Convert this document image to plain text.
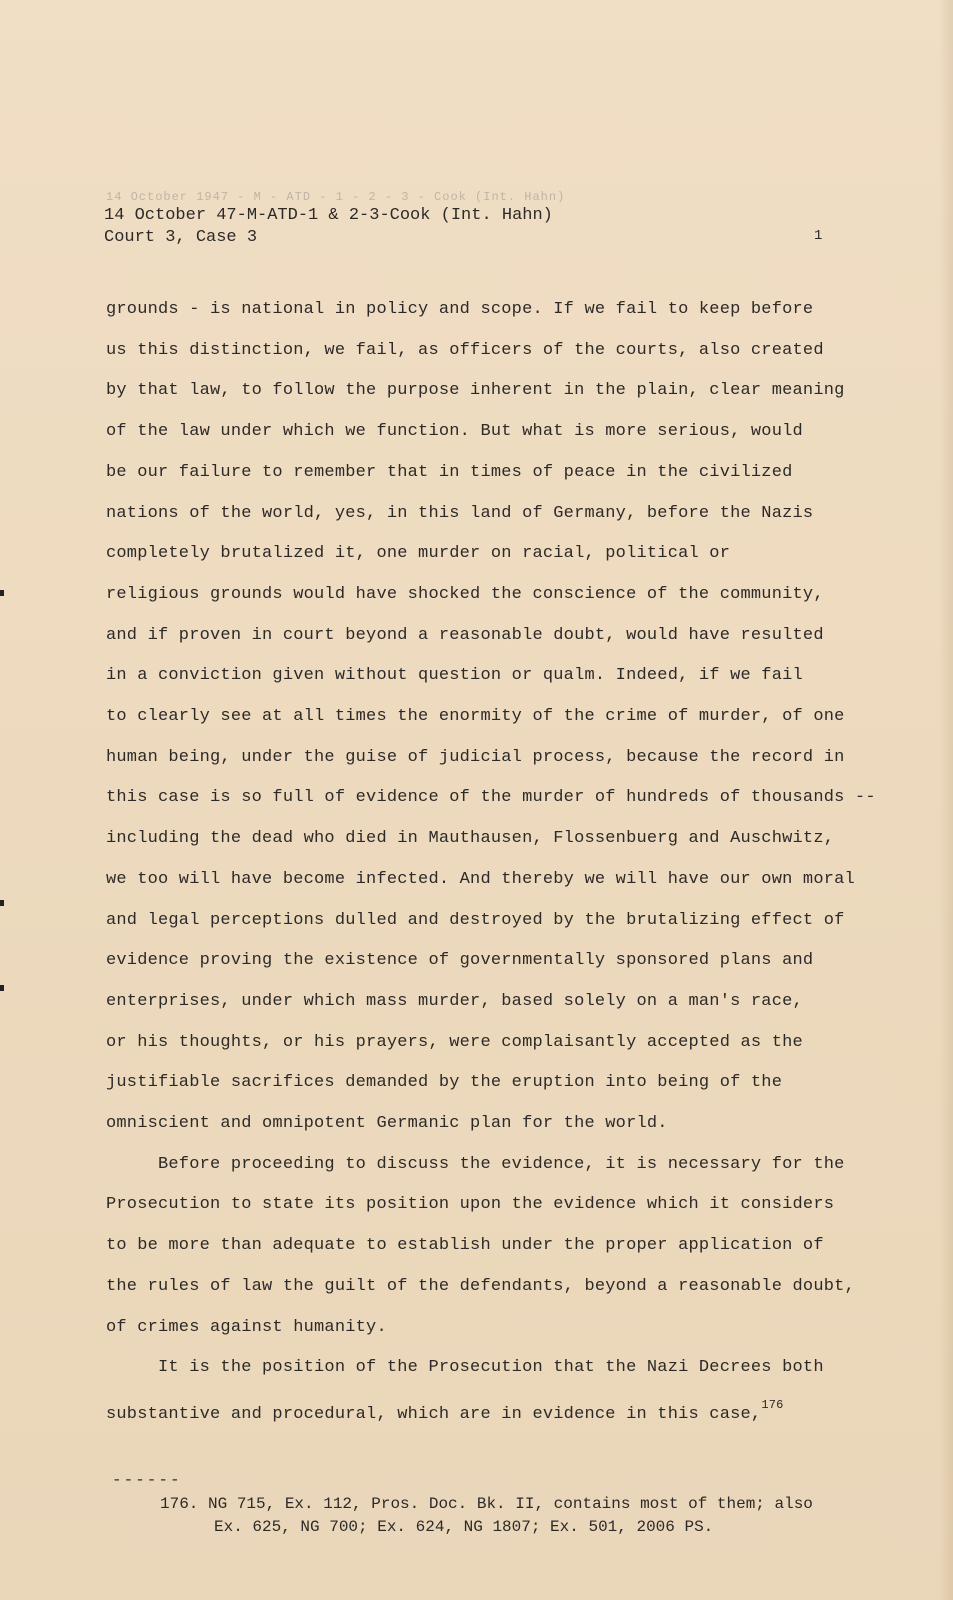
14 October 1947 - M - ATD - 1 - 2 - 3 - Cook (Int. Hahn)
14 October 47-M-ATD-1 & 2-3-Cook (Int. Hahn)
Court 3, Case 3	1
grounds - is national in policy and scope. If we fail to keep before
us this distinction, we fail, as officers of the courts, also created
by that law, to follow the purpose inherent in the plain, clear meaning
of the law under which we function. But what is more serious, would
be our failure to remember that in times of peace in the civilized
nations of the world, yes, in this land of Germany, before the Nazis
completely brutalized it, one murder on racial, political or
religious grounds would have shocked the conscience of the community,
and if proven in court beyond a reasonable doubt, would have resulted
in a conviction given without question or qualm. Indeed, if we fail
to clearly see at all times the enormity of the crime of murder, of one
human being, under the guise of judicial process, because the record in
this case is so full of evidence of the murder of hundreds of thousands --
including the dead who died in Mauthausen, Flossenbuerg and Auschwitz,
we too will have become infected. And thereby we will have our own moral
and legal perceptions dulled and destroyed by the brutalizing effect of
evidence proving the existence of governmentally sponsored plans and
enterprises, under which mass murder, based solely on a man's race,
or his thoughts, or his prayers, were complaisantly accepted as the
justifiable sacrifices demanded by the eruption into being of the
omniscient and omnipotent Germanic plan for the world.
Before proceeding to discuss the evidence, it is necessary for the
Prosecution to state its position upon the evidence which it considers
to be more than adequate to establish under the proper application of
the rules of law the guilt of the defendants, beyond a reasonable doubt,
of crimes against humanity.
It is the position of the Prosecution that the Nazi Decrees both
substantive and procedural, which are in evidence in this case,$^{176}$
------
176. NG 715, Ex. 112, Pros. Doc. Bk. II, contains most of them; also
Ex. 625, NG 700; Ex. 624, NG 1807; Ex. 501, 2006 PS.
